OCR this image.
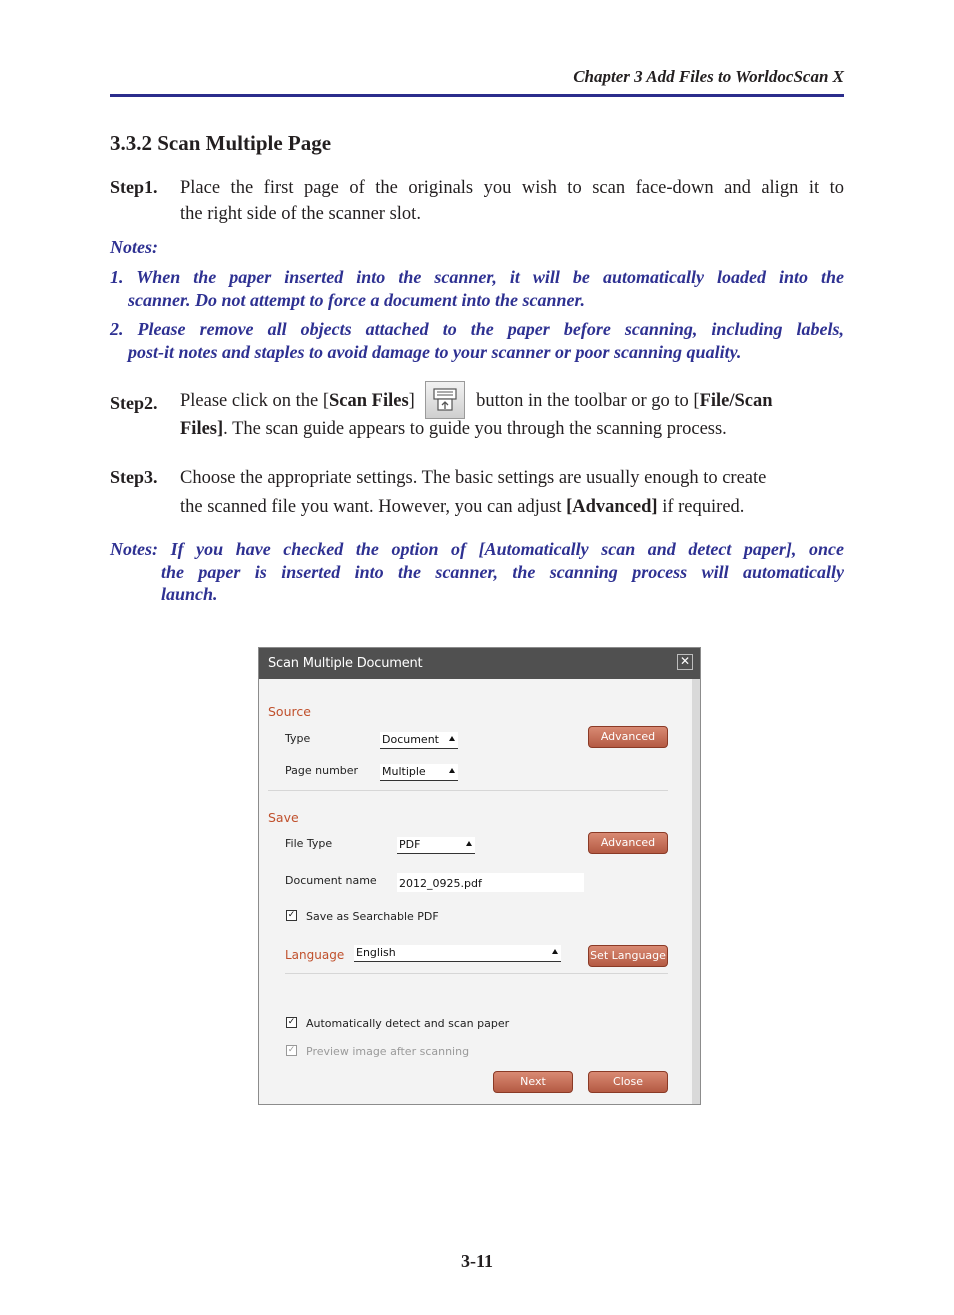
Chapter 3 Add Files to WorldocScan X
3.3.2 Scan Multiple Page
Step1. Place the first page of the originals you wish to scan face-down and align it to
the right side of the scanner slot.
Notes:
1. When the paper inserted into the scanner, it will be automatically loaded into the
scanner. Do not attempt to force a document into the scanner.
2. Please remove all objects attached to the paper before scanning, including labels,
post-it notes and staples to avoid damage to your scanner or poor scanning quality.
Step2. Please click on the [Scan Files]	button in the toolbar or go to [File/Scan
Files]. The scan guide appears to guide you through the scanning process.
Step3. Choose the appropriate settings. The basic settings are usually enough to create
the scanned file you want. However, you can adjust [Advanced] if required.
Notes: If you have checked the option of [Automatically scan and detect paper], once
the paper is inserted into the scanner, the scanning process will automatically
launch.
Scan Multiple Document	✕
Source
Type	Document	Advanced
Page number Multiple
Save
File Type	PDF	Advanced
Document name 2012_0925.pdf
✓ Save as Searchable PDF
Language English	Set Language
✓ Automatically detect and scan paper
✓ Preview image after scanning
Next	Close
3-11
